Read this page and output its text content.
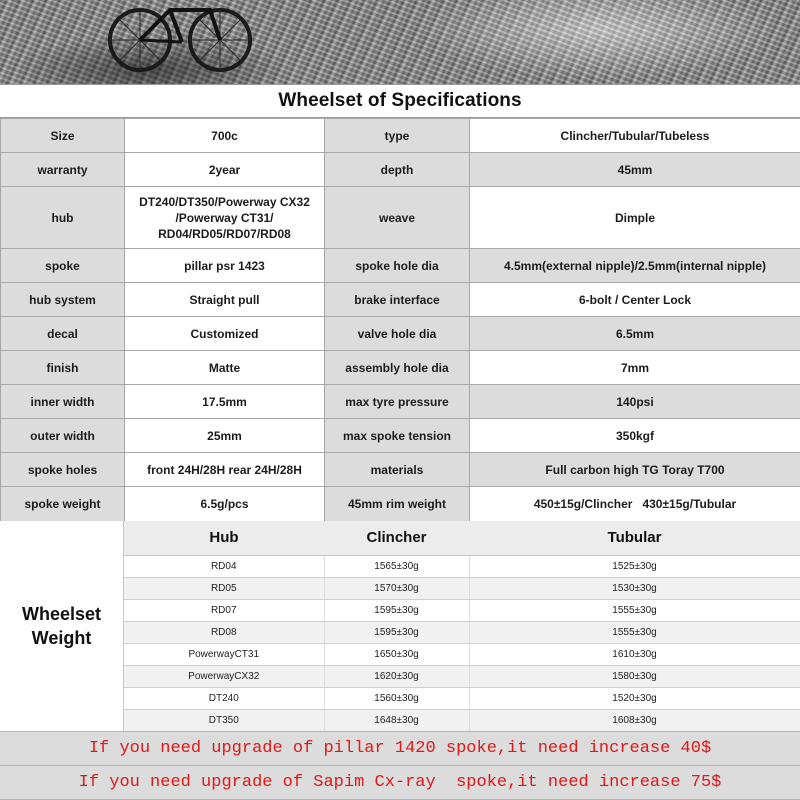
Wheelset of Specifications
Size	700c	type	Clincher/Tubular/Tubeless
warranty	2year	depth	45mm
hub	DT240/DT350/Powerway CX32
/Powerway CT31/
RD04/RD05/RD07/RD08	weave	Dimple
spoke	pillar psr 1423	spoke hole dia	4.5mm(external nipple)/2.5mm(internal nipple)
hub system	Straight pull	brake interface	6-bolt / Center Lock
decal	Customized	valve hole dia	6.5mm
finish	Matte	assembly hole dia	7mm
inner width	17.5mm	max tyre pressure	140psi
outer width	25mm	max spoke tension	350kgf
spoke holes	front 24H/28H rear 24H/28H	materials	Full carbon high TG Toray T700
spoke weight	6.5g/pcs	45mm rim weight	450±15g/Clincher   430±15g/Tubular
Wheelset
Weight
Hub	Clincher	Tubular
RD04	1565±30g	1525±30g
RD05	1570±30g	1530±30g
RD07	1595±30g	1555±30g
RD08	1595±30g	1555±30g
PowerwayCT31	1650±30g	1610±30g
PowerwayCX32	1620±30g	1580±30g
DT240	1560±30g	1520±30g
DT350	1648±30g	1608±30g
If you need upgrade of pillar 1420 spoke,it need increase 40$
If you need upgrade of Sapim Cx-ray  spoke,it need increase 75$
